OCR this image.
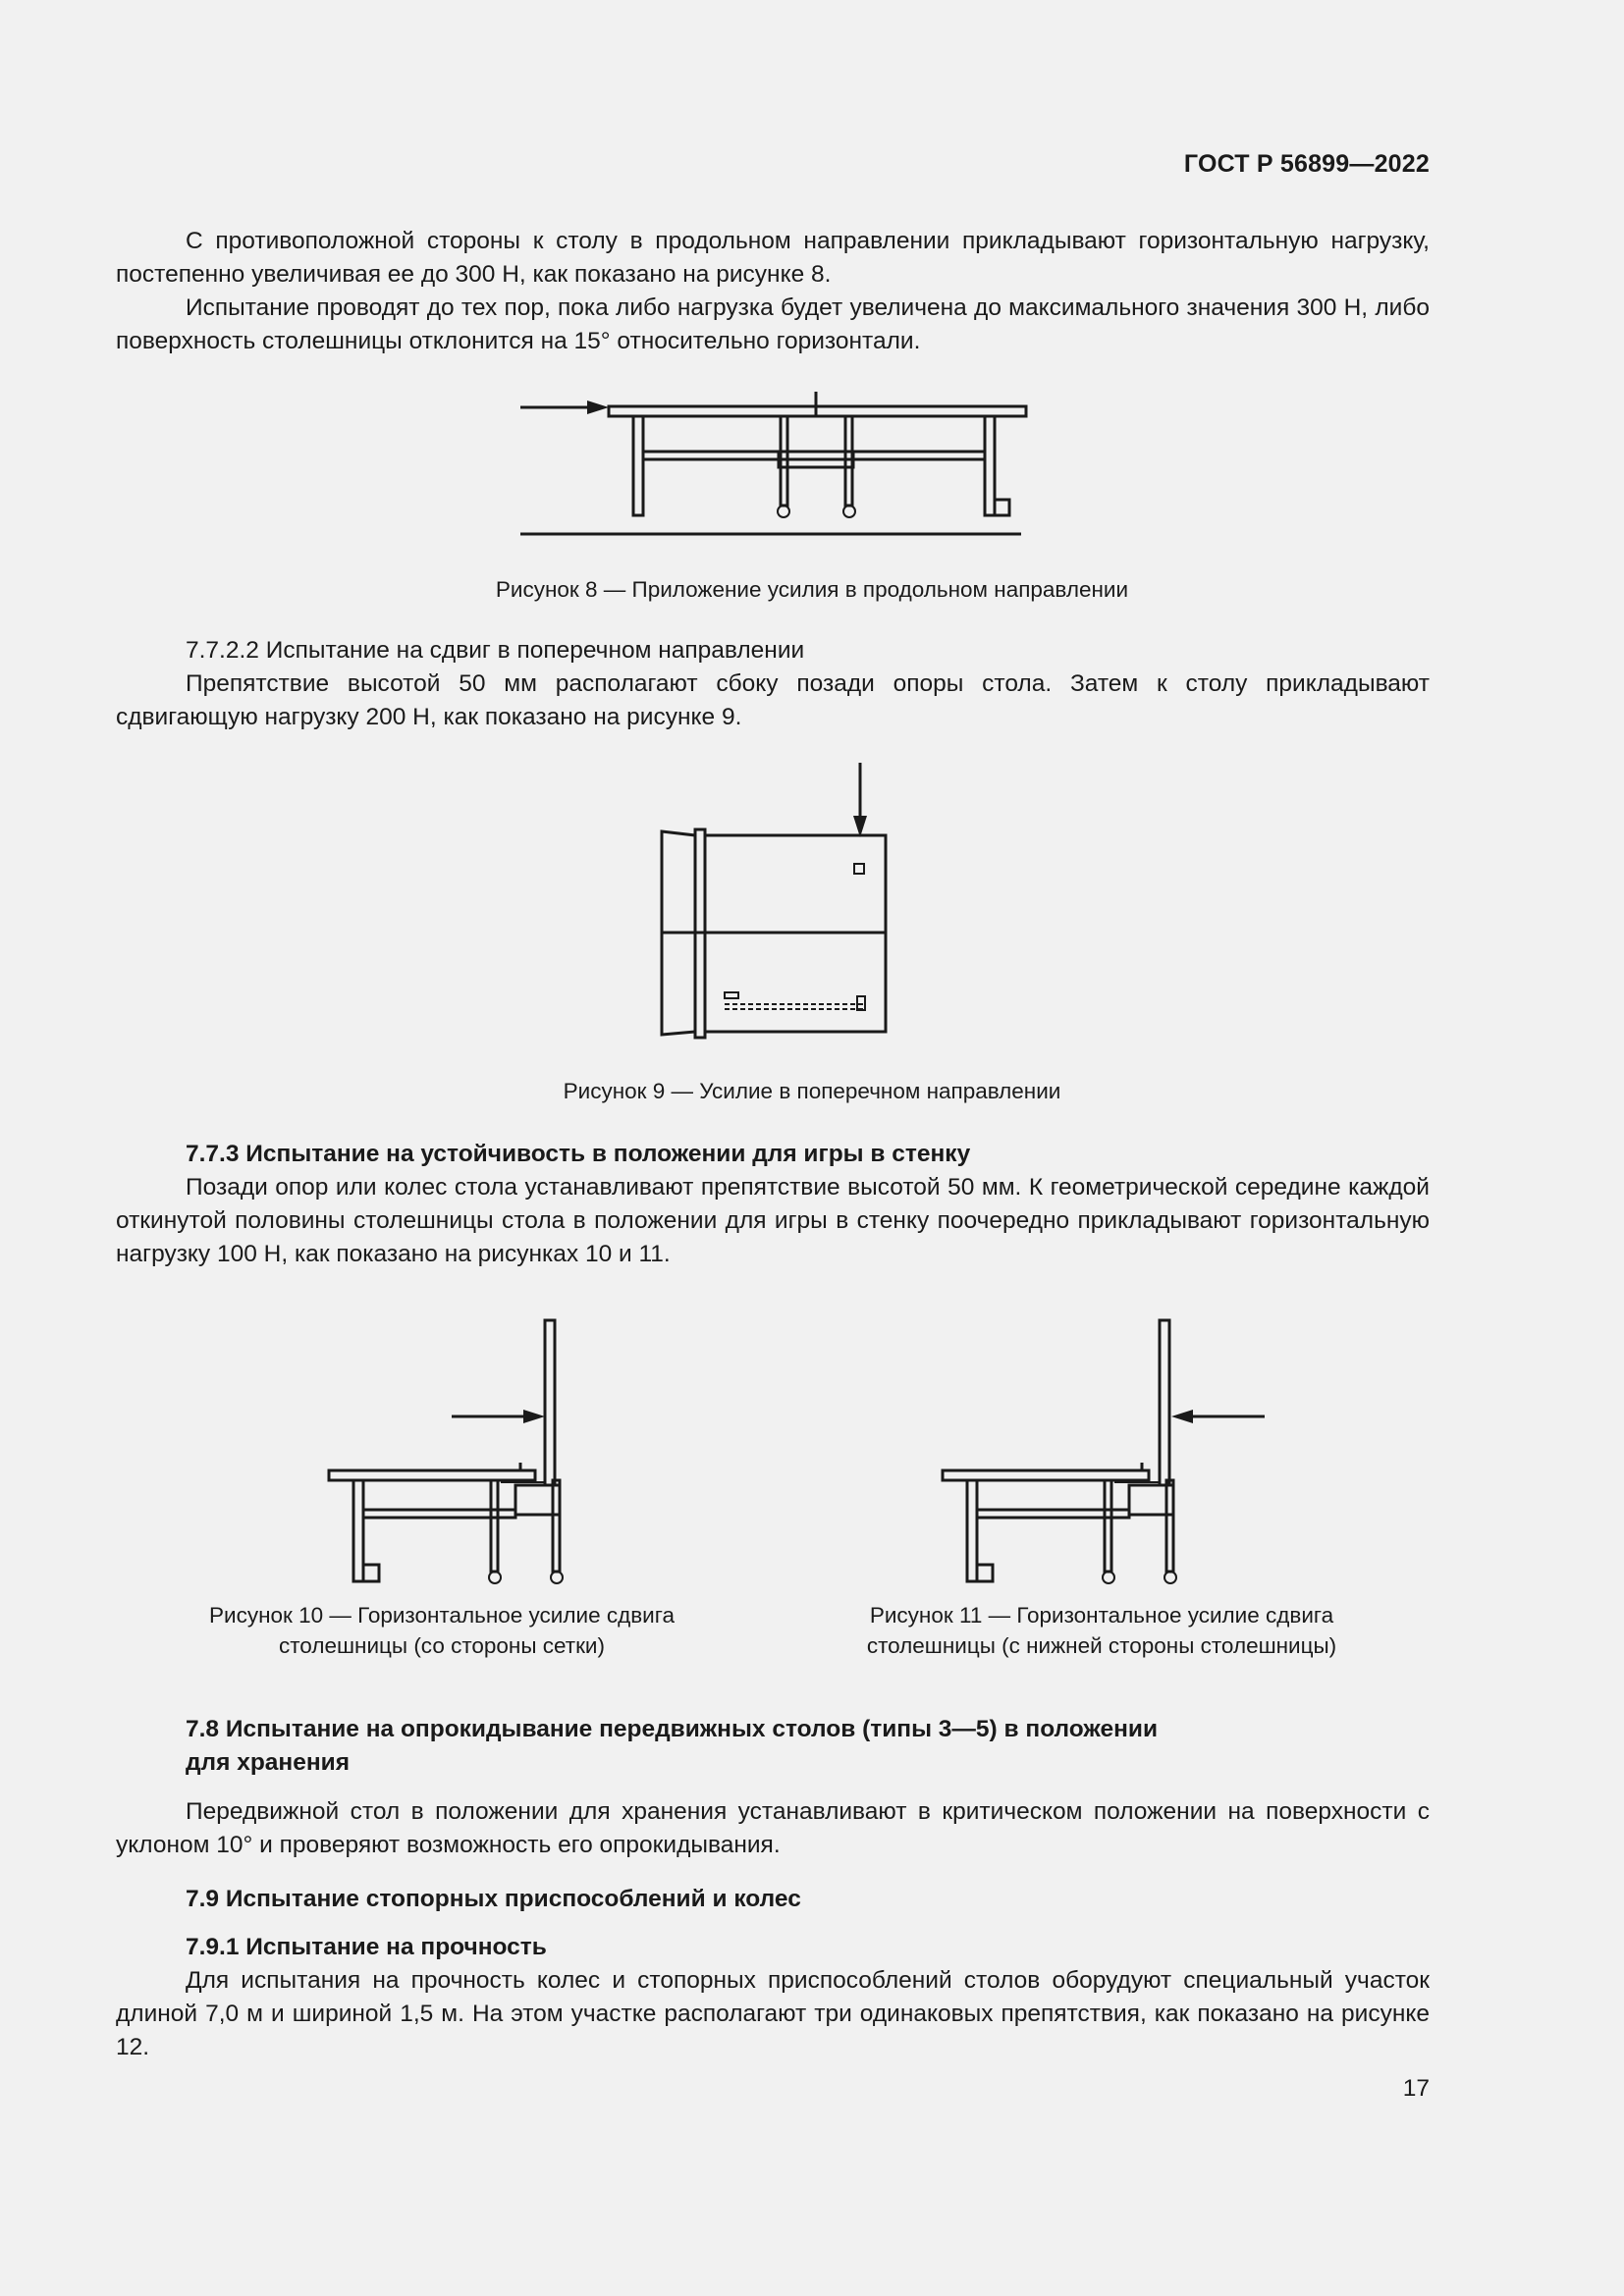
ГОСТ Р 56899—2022

С противоположной стороны к столу в продольном направлении прикладывают горизонтальную нагрузку, постепенно увеличивая ее до 300 Н, как показано на рисунке 8.

Испытание проводят до тех пор, пока либо нагрузка будет увеличена до максимального значения 300 Н, либо поверхность столешницы отклонится на 15° относительно горизонтали.

Рисунок 8 — Приложение усилия в продольном направлении

7.7.2.2 Испытание на сдвиг в поперечном направлении

Препятствие высотой 50 мм располагают сбоку позади опоры стола. Затем к столу прикладывают сдвигающую нагрузку 200 Н, как показано на рисунке 9.

Рисунок 9 — Усилие в поперечном направлении

7.7.3 Испытание на устойчивость в положении для игры в стенку

Позади опор или колес стола устанавливают препятствие высотой 50 мм. К геометрической середине каждой откинутой половины столешницы стола в положении для игры в стенку поочередно прикладывают горизонтальную нагрузку 100 Н, как показано на рисунках 10 и 11.

Рисунок 10 — Горизонтальное усилие сдвига
столешницы (со стороны сетки)
Рисунок 11 — Горизонтальное усилие сдвига
столешницы (с нижней стороны столешницы)

7.8 Испытание на опрокидывание передвижных столов (типы 3—5) в положении

для хранения

Передвижной стол в положении для хранения устанавливают в критическом положении на поверхности с уклоном 10° и проверяют возможность его опрокидывания.

7.9 Испытание стопорных приспособлений и колес

7.9.1 Испытание на прочность

Для испытания на прочность колес и стопорных приспособлений столов оборудуют специальный участок длиной 7,0 м и шириной 1,5 м. На этом участке располагают три одинаковых препятствия, как показано на рисунке 12.

17
